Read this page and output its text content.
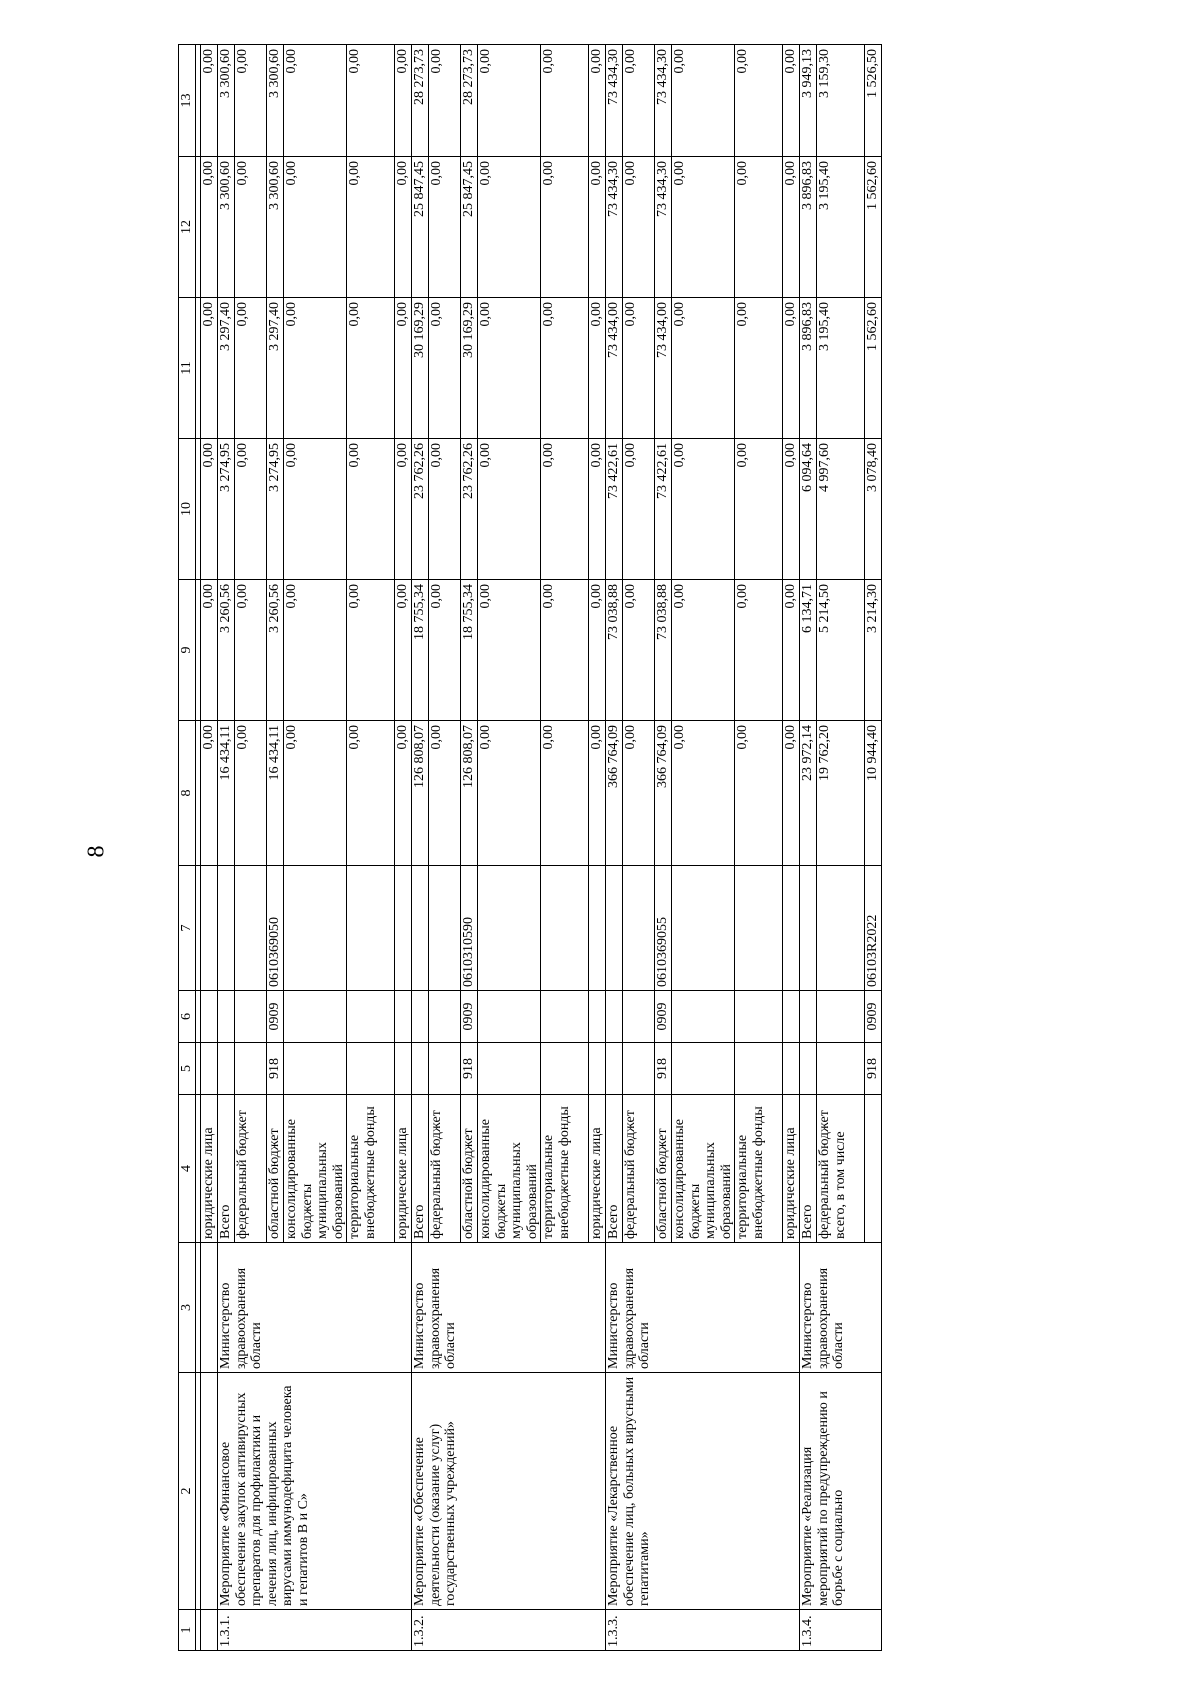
8
1	2	3	4	5	6	7	8	9	10	11	12	13

			юридические лица				0,00	0,00	0,00	0,00	0,00	0,00
1.3.1.	Мероприятие «Финансовое обеспечение закупок антивирусных препаратов для профилактики и лечения лиц, инфицированных вирусами иммунодефицита человека и гепатитов B и C»	Министерство здравоохранения области	Всего				16 434,11	3 260,56	3 274,95	3 297,40	3 300,60	3 300,60
			федеральный бюджет				0,00	0,00	0,00	0,00	0,00	0,00
			областной бюджет	918	0909	0610369050	16 434,11	3 260,56	3 274,95	3 297,40	3 300,60	3 300,60
			консолидированные бюджеты муниципальных образований				0,00	0,00	0,00	0,00	0,00	0,00
			территориальные внебюджетные фонды				0,00	0,00	0,00	0,00	0,00	0,00
			юридические лица				0,00	0,00	0,00	0,00	0,00	0,00
1.3.2.	Мероприятие «Обеспечение деятельности (оказание услуг) государственных учреждений»	Министерство здравоохранения области	Всего				126 808,07	18 755,34	23 762,26	30 169,29	25 847,45	28 273,73
			федеральный бюджет				0,00	0,00	0,00	0,00	0,00	0,00
			областной бюджет	918	0909	0610310590	126 808,07	18 755,34	23 762,26	30 169,29	25 847,45	28 273,73
			консолидированные бюджеты муниципальных образований				0,00	0,00	0,00	0,00	0,00	0,00
			территориальные внебюджетные фонды				0,00	0,00	0,00	0,00	0,00	0,00
			юридические лица				0,00	0,00	0,00	0,00	0,00	0,00
1.3.3.	Мероприятие «Лекарственное обеспечение лиц, больных вирусными гепатитами»	Министерство здравоохранения области	Всего				366 764,09	73 038,88	73 422,61	73 434,00	73 434,30	73 434,30
			федеральный бюджет				0,00	0,00	0,00	0,00	0,00	0,00
			областной бюджет	918	0909	0610369055	366 764,09	73 038,88	73 422,61	73 434,00	73 434,30	73 434,30
			консолидированные бюджеты муниципальных образований				0,00	0,00	0,00	0,00	0,00	0,00
			территориальные внебюджетные фонды				0,00	0,00	0,00	0,00	0,00	0,00
			юридические лица				0,00	0,00	0,00	0,00	0,00	0,00
1.3.4.	Мероприятие «Реализация мероприятий по предупреждению и борьбе с социально	Министерство здравоохранения области	Всего				23 972,14	6 134,71	6 094,64	3 896,83	3 896,83	3 949,13
			федеральный бюджет всего, в том числе				19 762,20	5 214,50	4 997,60	3 195,40	3 195,40	3 159,30
				918	0909	06103R2022	10 944,40	3 214,30	3 078,40	1 562,60	1 562,60	1 526,50
